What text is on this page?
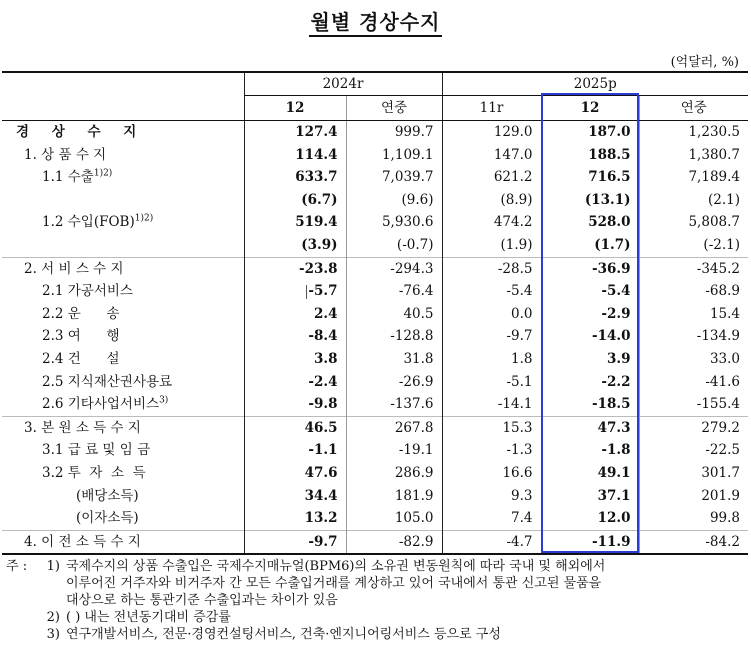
월별 경상수지
(억달러, %)
	2024r		2025p		
	12	연중	11r	12	연중
경 상 수 지	127.4	999.7	129.0	187.0	1,230.5
1. 상 품 수 지	114.4	1,109.1	147.0	188.5	1,380.7
1.1 수출$^{1)2)}$	633.7	7,039.7	621.2	716.5	7,189.4
	(6.7)	(9.6)	(8.9)	(13.1)	(2.1)
1.2 수입(FOB)$^{1)2)}$	519.4	5,930.6	474.2	528.0	5,808.7
	(3.9)	(-0.7)	(1.9)	(1.7)	(-2.1)
2. 서 비 스 수 지	-23.8	-294.3	-28.5	-36.9	-345.2
2.1 가공서비스	-5.7	-76.4	-5.4	-5.4	-68.9
2.2 운      송	2.4	40.5	0.0	-2.9	15.4
2.3 여      행	-8.4	-128.8	-9.7	-14.0	-134.9
2.4 건      설	3.8	31.8	1.8	3.9	33.0
2.5 지식재산권사용료	-2.4	-26.9	-5.1	-2.2	-41.6
2.6 기타사업서비스$^{3)}$	-9.8	-137.6	-14.1	-18.5	-155.4
3. 본 원 소 득 수 지	46.5	267.8	15.3	47.3	279.2
3.1 급 료 및 임 금	-1.1	-19.1	-1.3	-1.8	-22.5
3.2 투  자  소  득	47.6	286.9	16.6	49.1	301.7
(배당소득)	34.4	181.9	9.3	37.1	201.9
(이자소득)	13.2	105.0	7.4	12.0	99.8
4. 이 전 소 득 수 지	-9.7	-82.9	-4.7	-11.9	-84.2
주 :	1) 국제수지의 상품 수출입은 국제수지매뉴얼(BPM6)의 소유권 변동원칙에 따라 국내 및 해외에서
이루어진 거주자와 비거주자 간 모든 수출입거래를 계상하고 있어 국내에서 통관 신고된 물품을
대상으로 하는 통관기준 수출입과는 차이가 있음
2) ( ) 내는 전년동기대비 증감률
3) 연구개발서비스, 전문·경영컨설팅서비스, 건축·엔지니어링서비스 등으로 구성
